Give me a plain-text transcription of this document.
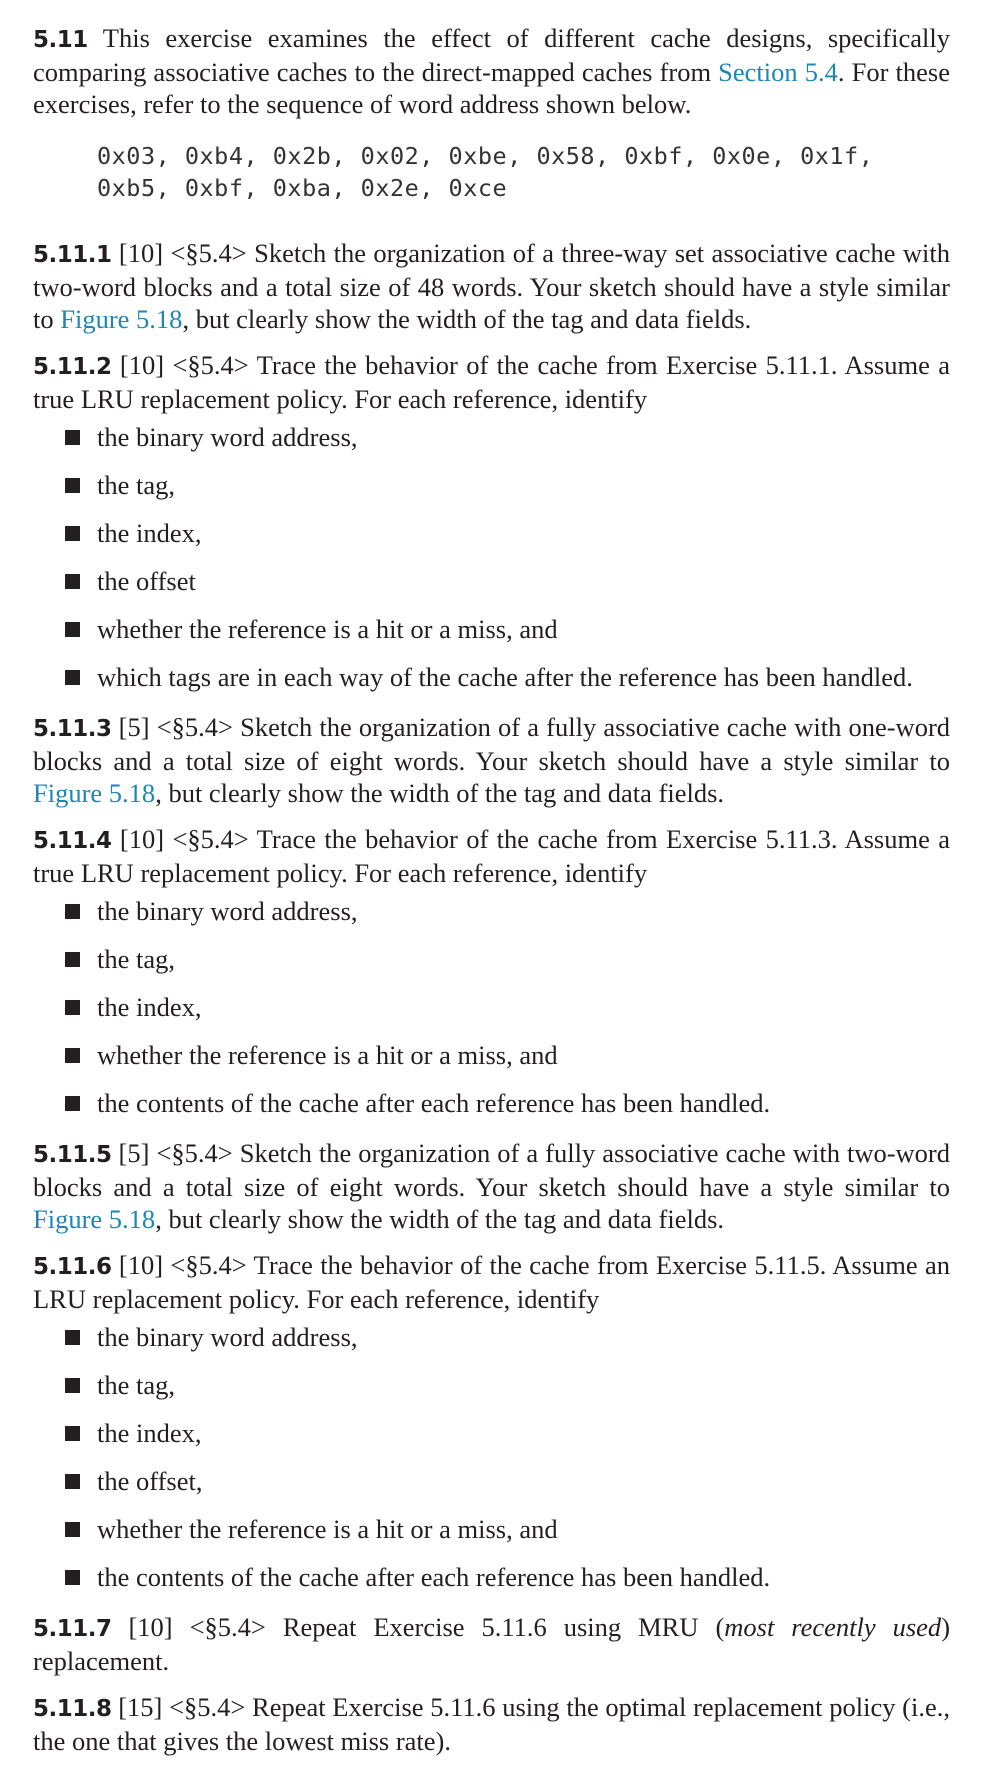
5.11 This exercise examines the effect of different cache designs, specifically comparing associative caches to the direct-mapped caches from Section 5.4. For these exercises, refer to the sequence of word address shown below.

0x03, 0xb4, 0x2b, 0x02, 0xbe, 0x58, 0xbf, 0x0e, 0x1f,
0xb5, 0xbf, 0xba, 0x2e, 0xce

5.11.1 [10] <§5.4> Sketch the organization of a three-way set associative cache with two-word blocks and a total size of 48 words. Your sketch should have a style similar to Figure 5.18, but clearly show the width of the tag and data fields.

5.11.2 [10] <§5.4> Trace the behavior of the cache from Exercise 5.11.1. Assume a true LRU replacement policy. For each reference, identify

the binary word address,
the tag,
the index,
the offset
whether the reference is a hit or a miss, and
which tags are in each way of the cache after the reference has been handled.

5.11.3 [5] <§5.4> Sketch the organization of a fully associative cache with one-word blocks and a total size of eight words. Your sketch should have a style similar to Figure 5.18, but clearly show the width of the tag and data fields.

5.11.4 [10] <§5.4> Trace the behavior of the cache from Exercise 5.11.3. Assume a true LRU replacement policy. For each reference, identify

the binary word address,
the tag,
the index,
whether the reference is a hit or a miss, and
the contents of the cache after each reference has been handled.

5.11.5 [5] <§5.4> Sketch the organization of a fully associative cache with two-word blocks and a total size of eight words. Your sketch should have a style similar to Figure 5.18, but clearly show the width of the tag and data fields.

5.11.6 [10] <§5.4> Trace the behavior of the cache from Exercise 5.11.5. Assume an LRU replacement policy. For each reference, identify

the binary word address,
the tag,
the index,
the offset,
whether the reference is a hit or a miss, and
the contents of the cache after each reference has been handled.

5.11.7 [10] <§5.4> Repeat Exercise 5.11.6 using MRU (most recently used) replacement.

5.11.8 [15] <§5.4> Repeat Exercise 5.11.6 using the optimal replacement policy (i.e., the one that gives the lowest miss rate).
